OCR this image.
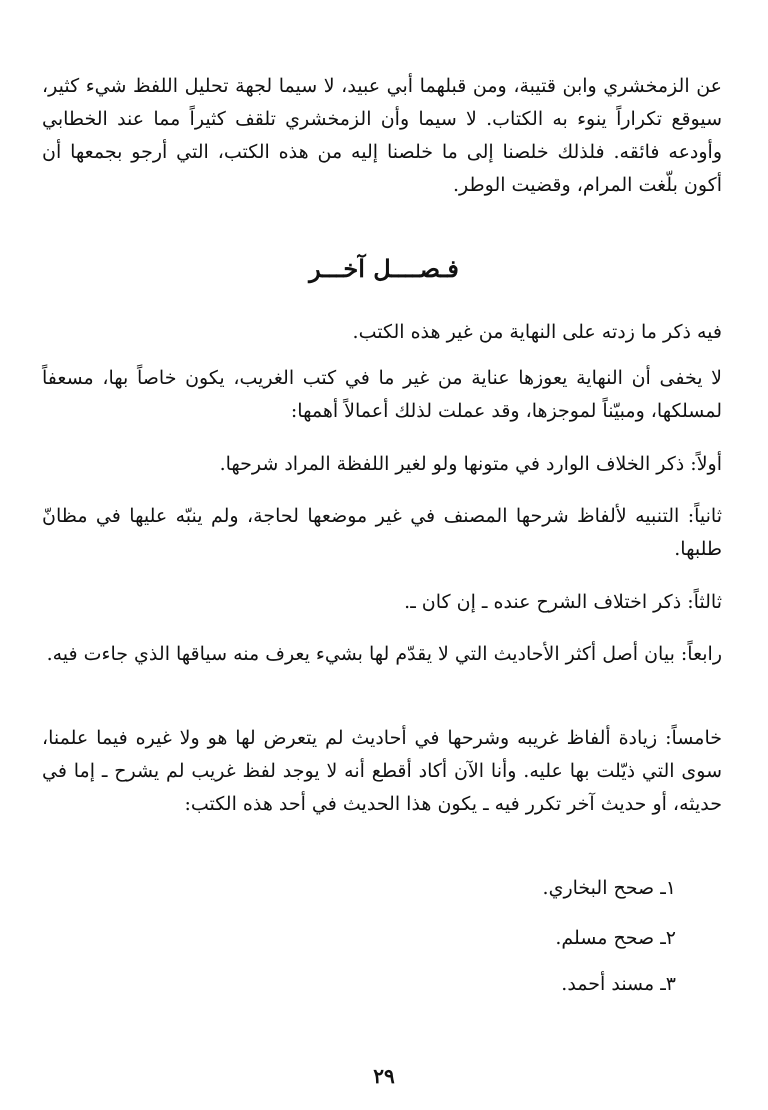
عن الزمخشري وابن قتيبة، ومن قبلهما أبي عبيد، لا سيما لجهة تحليل اللفظ شيء كثير، سيوقع تكراراً ينوء به الكتاب. لا سيما وأن الزمخشري تلقف كثيراً مما عند الخطابي وأودعه فائقه. فلذلك خلصنا إلى ما خلصنا إليه من هذه الكتب، التي أرجو بجمعها أن أكون بلّغت المرام، وقضيت الوطر.

فـصــــل آخـــر

فيه ذكر ما زدته على النهاية من غير هذه الكتب.

لا يخفى أن النهاية يعوزها عناية من غير ما في كتب الغريب، يكون خاصاً بها، مسعفاً لمسلكها، ومبيّناً لموجزها، وقد عملت لذلك أعمالاً أهمها:

أولاً: ذكر الخلاف الوارد في متونها ولو لغير اللفظة المراد شرحها.

ثانياً: التنبيه لألفاظ شرحها المصنف في غير موضعها لحاجة، ولم ينبّه عليها في مظانّ طلبها.

ثالثاً: ذكر اختلاف الشرح عنده ـ إن كان ـ.

رابعاً: بيان أصل أكثر الأحاديث التي لا يقدّم لها بشيء يعرف منه سياقها الذي جاءت فيه.

خامساً: زيادة ألفاظ غريبه وشرحها في أحاديث لم يتعرض لها هو ولا غيره فيما علمنا، سوى التي ذيّلت بها عليه. وأنا الآن أكاد أقطع أنه لا يوجد لفظ غريب لم يشرح ـ إما في حديثه، أو حديث آخر تكرر فيه ـ يكون هذا الحديث في أحد هذه الكتب:

١ـ صحح البخاري.

٢ـ صحح مسلم.

٣ـ مسند أحمد.

٢٩
